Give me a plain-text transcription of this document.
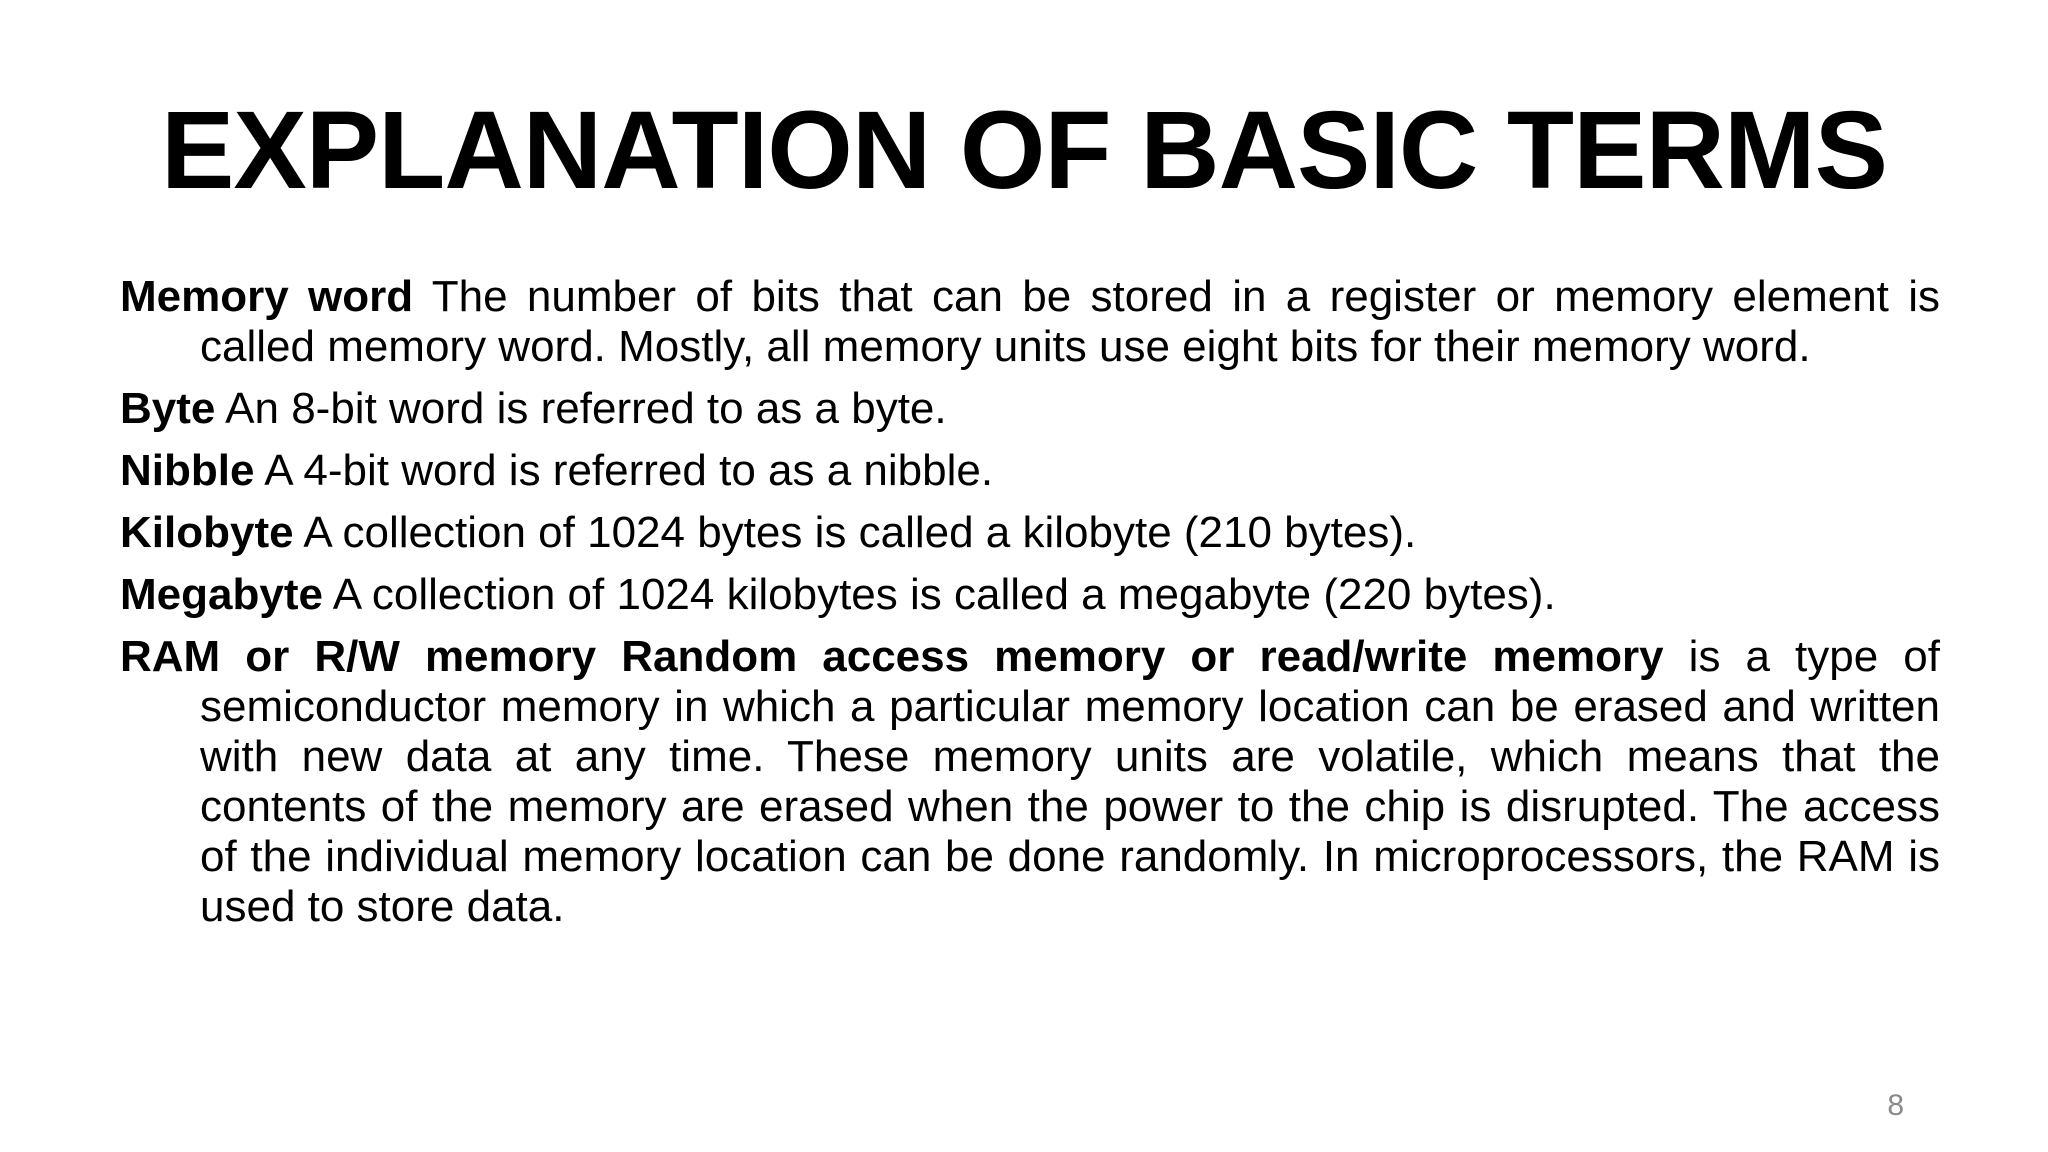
EXPLANATION OF BASIC TERMS
Memory word The number of bits that can be stored in a register or memory element is called memory word. Mostly, all memory units use eight bits for their memory word.
Byte An 8-bit word is referred to as a byte.
Nibble A 4-bit word is referred to as a nibble.
Kilobyte A collection of 1024 bytes is called a kilobyte (210 bytes).
Megabyte A collection of 1024 kilobytes is called a megabyte (220 bytes).
RAM or R/W memory Random access memory or read/write memory is a type of semiconductor memory in which a particular memory location can be erased and written with new data at any time. These memory units are volatile, which means that the contents of the memory are erased when the power to the chip is disrupted. The access of the individual memory location can be done randomly. In microprocessors, the RAM is used to store data.
8
